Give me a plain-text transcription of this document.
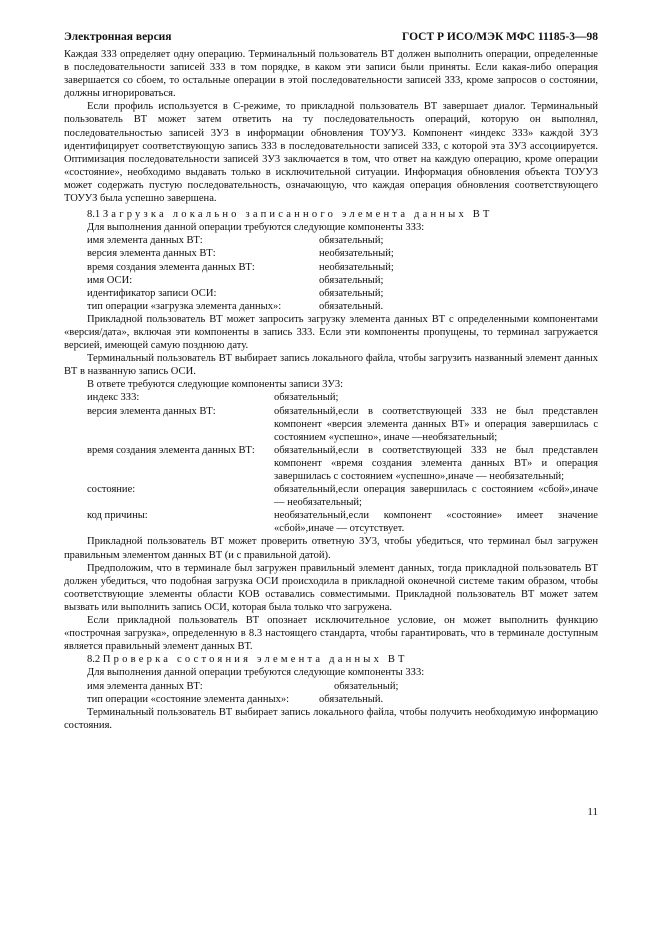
Электронная версия	ГОСТ Р ИСО/МЭК МФС 11185-3—98

Каждая 3З3 определяет одну операцию. Терминальный пользователь ВТ должен выполнить операции, определенные в последовательности записей 3З3 в том порядке, в каком эти записи были приняты. Если какая-либо операция завершается со сбоем, то остальные операции в этой последовательности записей 3З3, кроме запросов о состоянии, должны игнорироваться.

Если профиль используется в С-режиме, то прикладной пользователь ВТ завершает диалог. Терминальный пользователь ВТ может затем ответить на ту последовательность операций, которую он выполнял, последовательностью записей 3У3 в информации обновления ТОУУЗ. Компонент «индекс 3З3» каждой 3У3 идентифицирует соответствующую запись 3З3 в последовательности записей 3З3, с которой эта 3У3 ассоциируется. Оптимизация последовательности записей 3У3 заключается в том, что ответ на каждую операцию, кроме операции «состояние», необходимо выдавать только в исключительной ситуации. Информация обновления объекта ТОУУЗ может содержать пустую последовательность, означающую, что каждая операция обновления соответствующего ТОУУЗ была успешно завершена.

8.1 Загрузка локально записанного элемента данных ВТ

Для выполнения данной операции требуются следующие компоненты 3З3:

имя элемента данных ВТ:	обязательный;
версия элемента данных ВТ:	необязательный;
время создания элемента данных ВТ:	необязательный;
имя ОСИ:	обязательный;
идентификатор записи ОСИ:	обязательный;
тип операции «загрузка элемента данных»:	обязательный.

Прикладной пользователь ВТ может запросить загрузку элемента данных ВТ с определенными компонентами «версия/дата», включая эти компоненты в запись 3З3. Если эти компоненты пропущены, то терминал загружается версией, имеющей самую позднюю дату.

Терминальный пользователь ВТ выбирает запись локального файла, чтобы загрузить названный элемент данных ВТ в названную запись ОСИ.

В ответе требуются следующие компоненты записи 3У3:

индекс 3З3:	обязательный;
версия элемента данных ВТ:	обязательный,если в соответствующей 3З3 не был представлен компонент «версия элемента данных ВТ» и операция завершилась с состоянием «успешно», иначе —необязательный;
время создания элемента данных ВТ:	обязательный,если в соответствующей 3З3 не был представлен компонент «время создания элемента данных ВТ» и операция завершилась с состоянием «успешно»,иначе — необязательный;
состояние:	обязательный,если операция завершилась с состоянием «сбой»,иначе — необязательный;
код причины:	необязательный,если компонент «состояние» имеет значение «сбой»,иначе — отсутствует.

Прикладной пользователь ВТ может проверить ответную 3У3, чтобы убедиться, что терминал был загружен правильным элементом данных ВТ (и с правильной датой).

Предположим, что в терминале был загружен правильный элемент данных, тогда прикладной пользователь ВТ должен убедиться, что подобная загрузка ОСИ происходила в прикладной оконечной системе таким образом, чтобы соответствующие элементы области КОВ оставались совместимыми. Прикладной пользователь ВТ может затем вызвать или выполнить запись ОСИ, которая была только что загружена.

Если прикладной пользователь ВТ опознает исключительное условие, он может выполнить функцию «построчная загрузка», определенную в 8.3 настоящего стандарта, чтобы гарантировать, что в терминале доступным является правильный элемент данных ВТ.

8.2 Проверка состояния элемента данных ВТ

Для выполнения данной операции требуются следующие компоненты 3З3:

имя элемента данных ВТ:	обязательный;
тип операции «состояние элемента данных»:	обязательный.

Терминальный пользователь ВТ выбирает запись локального файла, чтобы получить необходимую информацию состояния.

11
